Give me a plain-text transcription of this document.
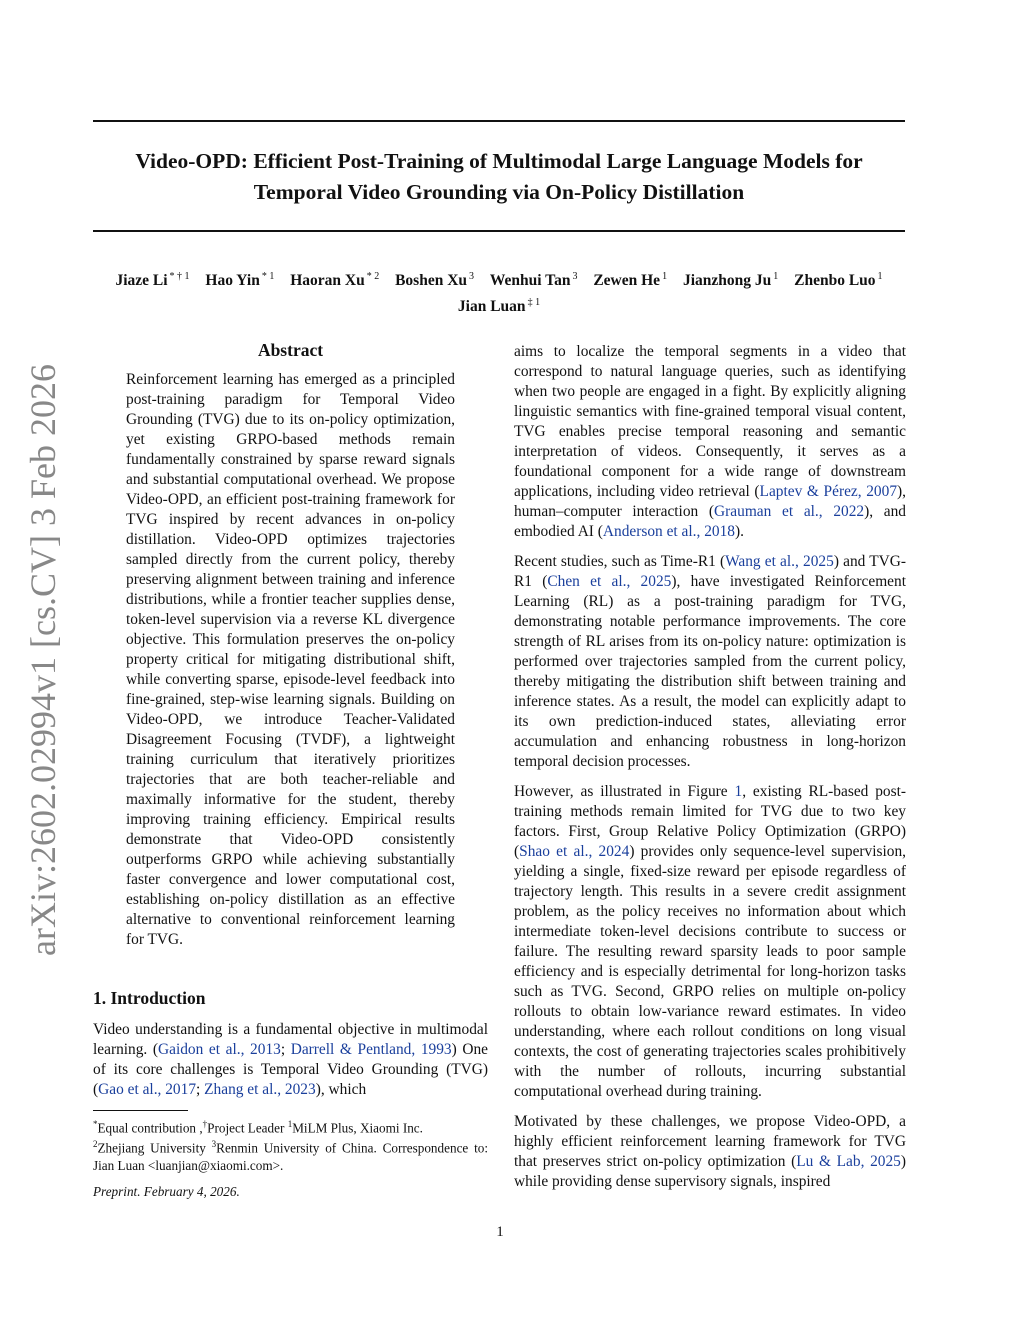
Video-OPD: Efficient Post-Training of Multimodal Large Language Models for Temporal Video Grounding via On-Policy Distillation
Jiaze Li $^{* \dagger 1}$ Hao Yin $^{* 1}$ Haoran Xu $^{* 2}$ Boshen Xu $^3$ Wenhui Tan $^3$ Zewen He $^1$ Jianzhong Ju $^1$ Zhenbo Luo $^1$
Jian Luan $^{\ddagger 1}$
arXiv:2602.02994v1 [cs.CV] 3 Feb 2026
Abstract

Reinforcement learning has emerged as a principled post-training paradigm for Temporal Video Grounding (TVG) due to its on-policy optimization, yet existing GRPO-based methods remain fundamentally constrained by sparse reward signals and substantial computational overhead. We propose Video-OPD, an efficient post-training framework for TVG inspired by recent advances in on-policy distillation. Video-OPD optimizes trajectories sampled directly from the current policy, thereby preserving alignment between training and inference distributions, while a frontier teacher supplies dense, token-level supervision via a reverse KL divergence objective. This formulation preserves the on-policy property critical for mitigating distributional shift, while converting sparse, episode-level feedback into fine-grained, step-wise learning signals. Building on Video-OPD, we introduce Teacher-Validated Disagreement Focusing (TVDF), a lightweight training curriculum that iteratively prioritizes trajectories that are both teacher-reliable and maximally informative for the student, thereby improving training efficiency. Empirical results demonstrate that Video-OPD consistently outperforms GRPO while achieving substantially faster convergence and lower computational cost, establishing on-policy distillation as an effective alternative to conventional reinforcement learning for TVG.

1. Introduction

Video understanding is a fundamental objective in multimodal learning. (Gaidon et al., 2013; Darrell & Pentland, 1993) One of its core challenges is Temporal Video Grounding (TVG) (Gao et al., 2017; Zhang et al., 2023), which

*Equal contribution ,†Project Leader $^1$MiLM Plus, Xiaomi Inc.
$^2$Zhejiang University $^3$Renmin University of China. Correspondence to: Jian Luan <luanjian@xiaomi.com>.

Preprint. February 4, 2026.

aims to localize the temporal segments in a video that correspond to natural language queries, such as identifying when two people are engaged in a fight. By explicitly aligning linguistic semantics with fine-grained temporal visual content, TVG enables precise temporal reasoning and semantic interpretation of videos. Consequently, it serves as a foundational component for a wide range of downstream applications, including video retrieval (Laptev & Pérez, 2007), human–computer interaction (Grauman et al., 2022), and embodied AI (Anderson et al., 2018).

Recent studies, such as Time-R1 (Wang et al., 2025) and TVG-R1 (Chen et al., 2025), have investigated Reinforcement Learning (RL) as a post-training paradigm for TVG, demonstrating notable performance improvements. The core strength of RL arises from its on-policy nature: optimization is performed over trajectories sampled from the current policy, thereby mitigating the distribution shift between training and inference states. As a result, the model can explicitly adapt to its own prediction-induced states, alleviating error accumulation and enhancing robustness in long-horizon temporal decision processes.

However, as illustrated in Figure 1, existing RL-based post-training methods remain limited for TVG due to two key factors. First, Group Relative Policy Optimization (GRPO) (Shao et al., 2024) provides only sequence-level supervision, yielding a single, fixed-size reward per episode regardless of trajectory length. This results in a severe credit assignment problem, as the policy receives no information about which intermediate token-level decisions contribute to success or failure. The resulting reward sparsity leads to poor sample efficiency and is especially detrimental for long-horizon tasks such as TVG. Second, GRPO relies on multiple on-policy rollouts to obtain low-variance reward estimates. In video understanding, where each rollout conditions on long visual contexts, the cost of generating trajectories scales prohibitively with the number of rollouts, incurring substantial computational overhead during training.

Motivated by these challenges, we propose Video-OPD, a highly efficient reinforcement learning framework for TVG that preserves strict on-policy optimization (Lu & Lab, 2025) while providing dense supervisory signals, inspired

1
